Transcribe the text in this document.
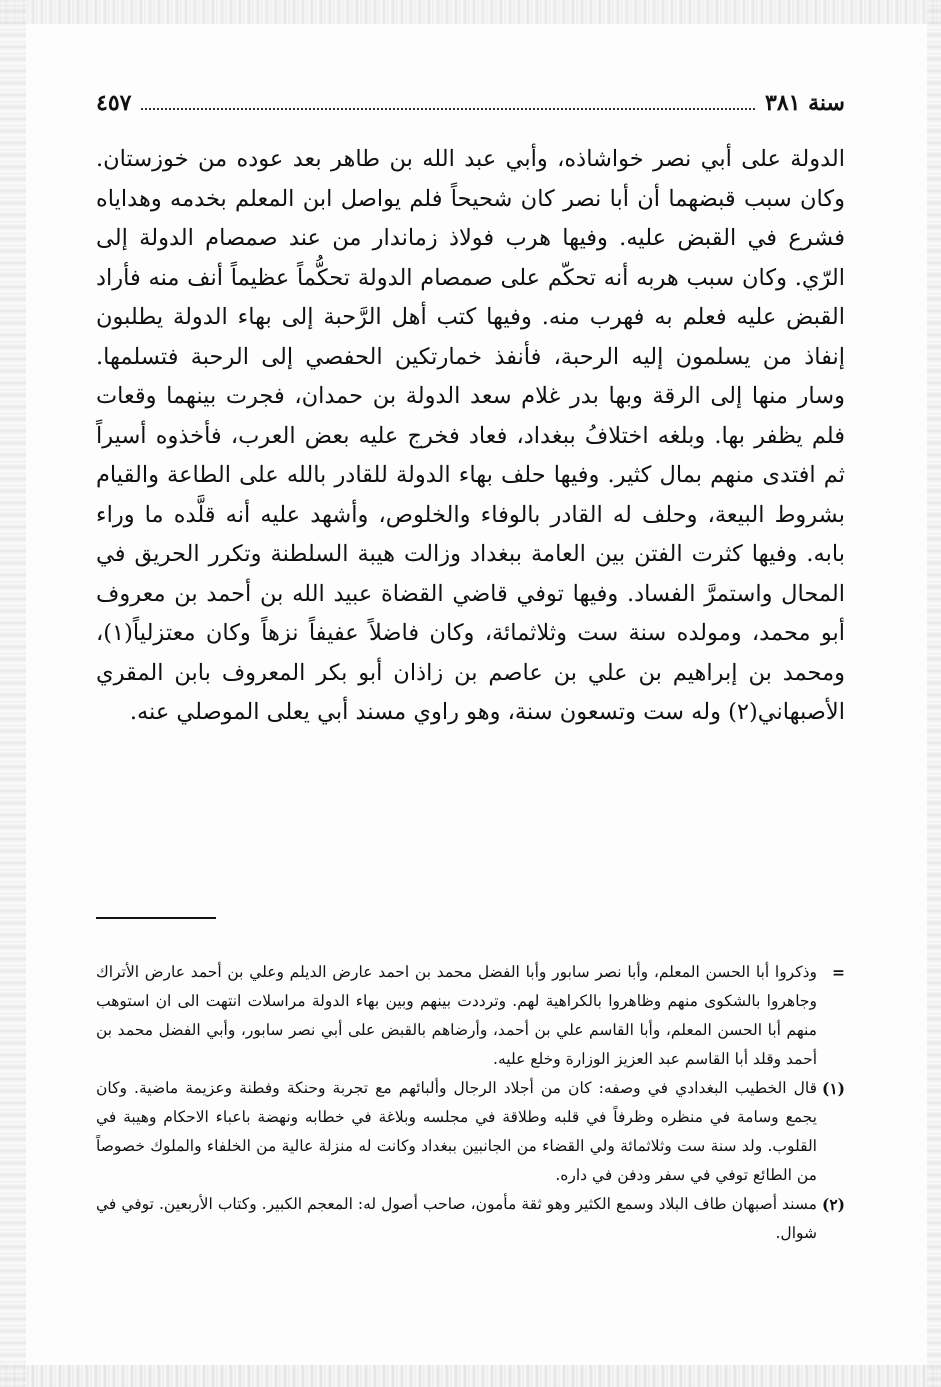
سنة ٣٨١
٤٥٧

الدولة على أبي نصر خواشاذه، وأبي عبد الله بن طاهر بعد عوده من خوزستان. وكان سبب قبضهما أن أبا نصر كان شحيحاً فلم يواصل ابن المعلم بخدمه وهداياه فشرع في القبض عليه. وفيها هرب فولاذ زماندار من عند صمصام الدولة إلى الرّي. وكان سبب هربه أنه تحكّم على صمصام الدولة تحكُّماً عظيماً أنف منه فأراد القبض عليه فعلم به فهرب منه. وفيها كتب أهل الرَّحبة إلى بهاء الدولة يطلبون إنفاذ من يسلمون إليه الرحبة، فأنفذ خمارتكين الحفصي إلى الرحبة فتسلمها. وسار منها إلى الرقة وبها بدر غلام سعد الدولة بن حمدان، فجرت بينهما وقعات فلم يظفر بها. وبلغه اختلافُ ببغداد، فعاد فخرج عليه بعض العرب، فأخذوه أسيراً ثم افتدى منهم بمال كثير. وفيها حلف بهاء الدولة للقادر بالله على الطاعة والقيام بشروط البيعة، وحلف له القادر بالوفاء والخلوص، وأشهد عليه أنه قلَّده ما وراء بابه. وفيها كثرت الفتن بين العامة ببغداد وزالت هيبة السلطنة وتكرر الحريق في المحال واستمرَّ الفساد. وفيها توفي قاضي القضاة عبيد الله بن أحمد بن معروف أبو محمد، ومولده سنة ست وثلاثمائة، وكان فاضلاً عفيفاً نزهاً وكان معتزلياً(١)، ومحمد بن إبراهيم بن علي بن عاصم بن زاذان أبو بكر المعروف بابن المقري الأصبهاني(٢) وله ست وتسعون سنة، وهو راوي مسند أبي يعلى الموصلي عنه.

=
وذكروا أبا الحسن المعلم، وأبا نصر سابور وأبا الفضل محمد بن احمد عارض الديلم وعلي بن أحمد عارض الأتراك وجاهروا بالشكوى منهم وظاهروا بالكراهية لهم. وترددت بينهم وبين بهاء الدولة مراسلات انتهت الى ان استوهب منهم أبا الحسن المعلم، وأبا القاسم علي بن أحمد، وأرضاهم بالقبض على أبي نصر سابور، وأبي الفضل محمد بن أحمد وقلد أبا القاسم عبد العزيز الوزارة وخلع عليه.
(١)
قال الخطيب البغدادي في وصفه: كان من أجلاد الرجال وألبائهم مع تجربة وحنكة وفطنة وعزيمة ماضية. وكان يجمع وسامة في منظره وظرفاً في قلبه وطلاقة في مجلسه وبلاغة في خطابه ونهضة باعباء الاحكام وهيبة في القلوب. ولد سنة ست وثلاثمائة ولي القضاء من الجانبين ببغداد وكانت له منزلة عالية من الخلفاء والملوك خصوصاً من الطائع توفي في سفر ودفن في داره.
(٢)
مسند أصبهان طاف البلاد وسمع الكثير وهو ثقة مأمون، صاحب أصول له: المعجم الكبير. وكتاب الأربعين. توفي في شوال.
